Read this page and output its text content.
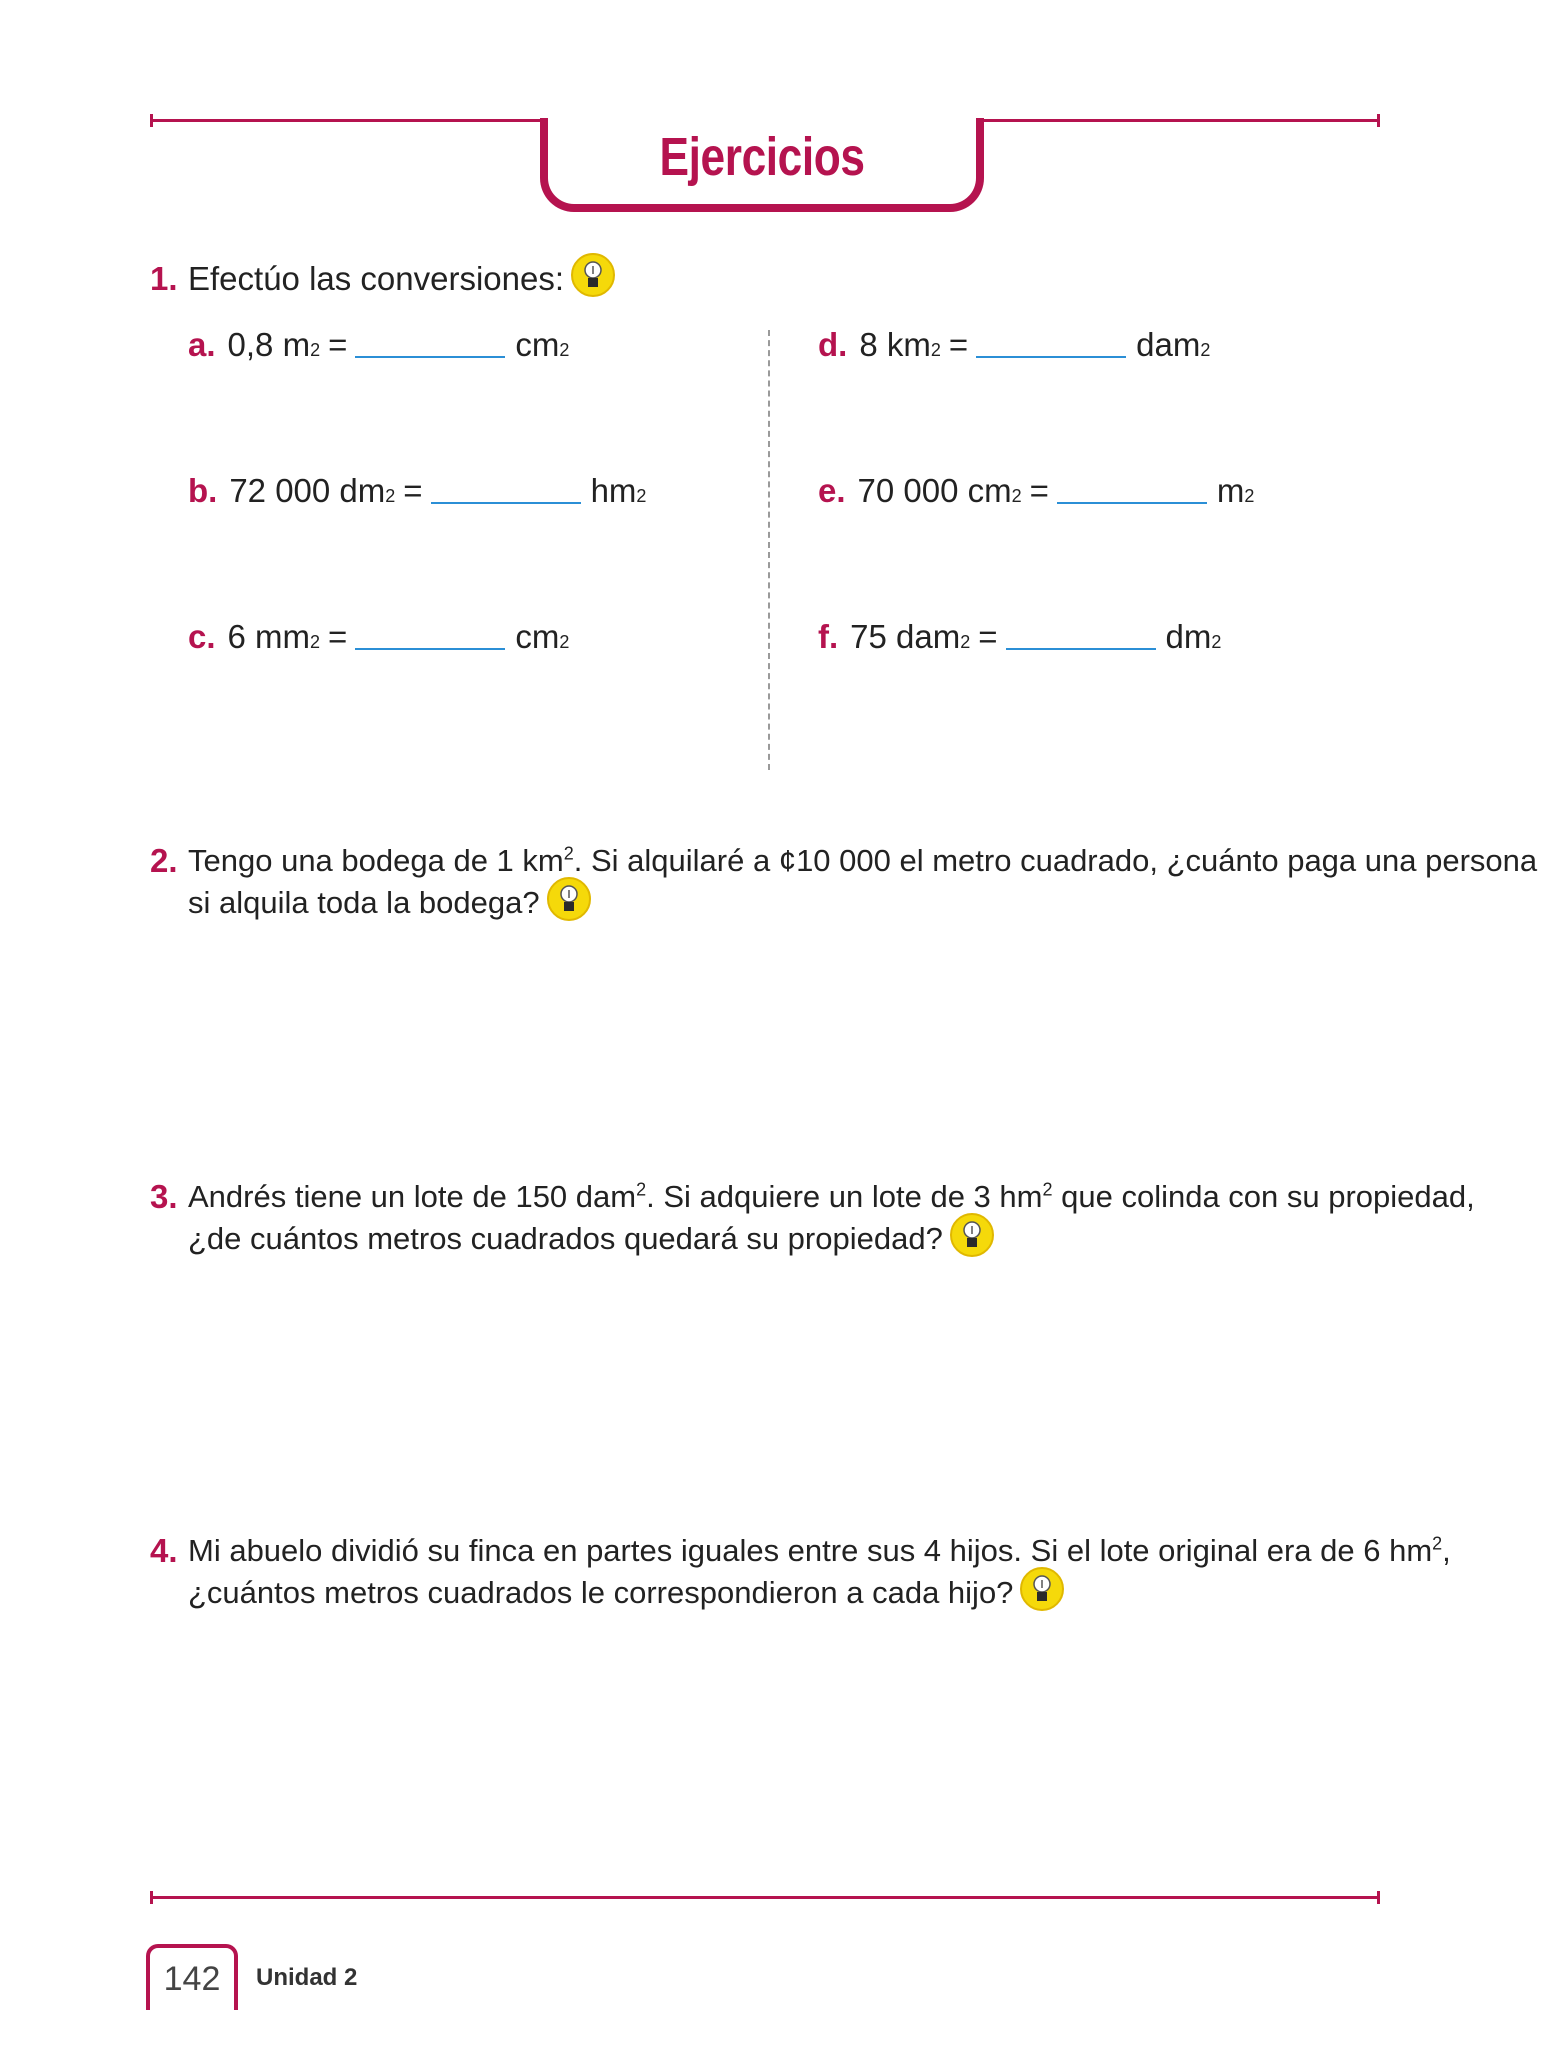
Ejercicios
1. Efectúo las conversiones:
a. 0,8 m 2 =	cm 2
b. 72 000 dm 2 =	hm 2
c. 6 mm 2 =	cm 2
d. 8 km 2 =	dam 2
e. 70 000 cm 2 =	m 2
f. 75 dam 2 =	dm 2
2. Tengo una bodega de 1 $km^2$. Si alquilaré a ¢10 000 el metro cuadrado, ¿cuánto paga una persona
si alquila toda la bodega?
3. Andrés tiene un lote de 150 dam$^2$. Si adquiere un lote de 3 $hm^2$ que colinda con su propiedad,
¿de cuántos metros cuadrados quedará su propiedad?
4. Mi abuelo dividió su finca en partes iguales entre sus 4 hijos. Si el lote original era de 6 $hm^2$,
¿cuántos metros cuadrados le correspondieron a cada hijo?
142	Unidad 2
